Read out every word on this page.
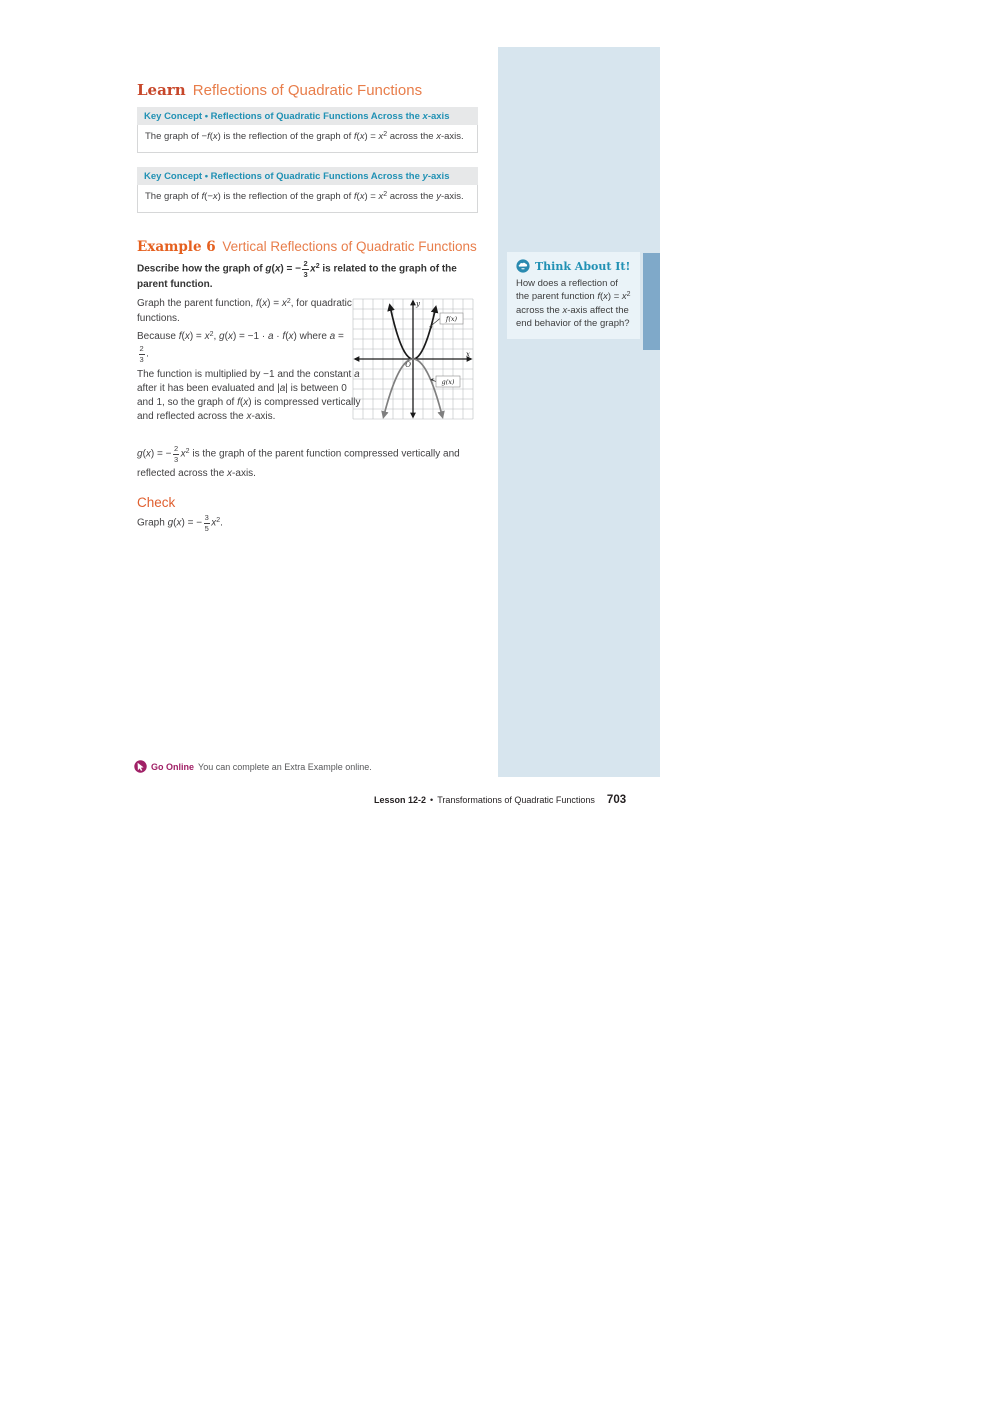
Think About It!

How does a reflection of the parent function $f(x) = x^2$ across the x-axis affect the end behavior of the graph?

Learn Reflections of Quadratic Functions
Key Concept • Reflections of Quadratic Functions Across the x-axis
The graph of −f(x) is the reflection of the graph of $f(x) = x^2$ across the x-axis.
Key Concept • Reflections of Quadratic Functions Across the y-axis
The graph of f(−x) is the reflection of the graph of $f(x) = x^2$ across the y-axis.
Example 6 Vertical Reflections of Quadratic Functions

Describe how the graph of g(x) = − $\frac{2}{3} x^2$ is related to the graph of the parent function.

Graph the parent function, $f(x) = x^2$, for quadratic functions.

Because $f(x) = x^2$, g(x) = −1 · a · f(x) where a =
$\frac{2}{3}$ .

The function is multiplied by −1 and the constant a after it has been evaluated and |a| is between 0 and 1, so the graph of f(x) is compressed vertically and reflected across the x-axis.

y
x
O
f(x)
g(x)

g(x) = − $\frac{2}{3} x^2$ is the graph of the parent function compressed vertically and reflected across the x-axis.

Check

Graph g(x) = − $\frac{3}{5} x^2$.

Go Online You can complete an Extra Example online.
Lesson 12-2 • Transformations of Quadratic Functions 703
